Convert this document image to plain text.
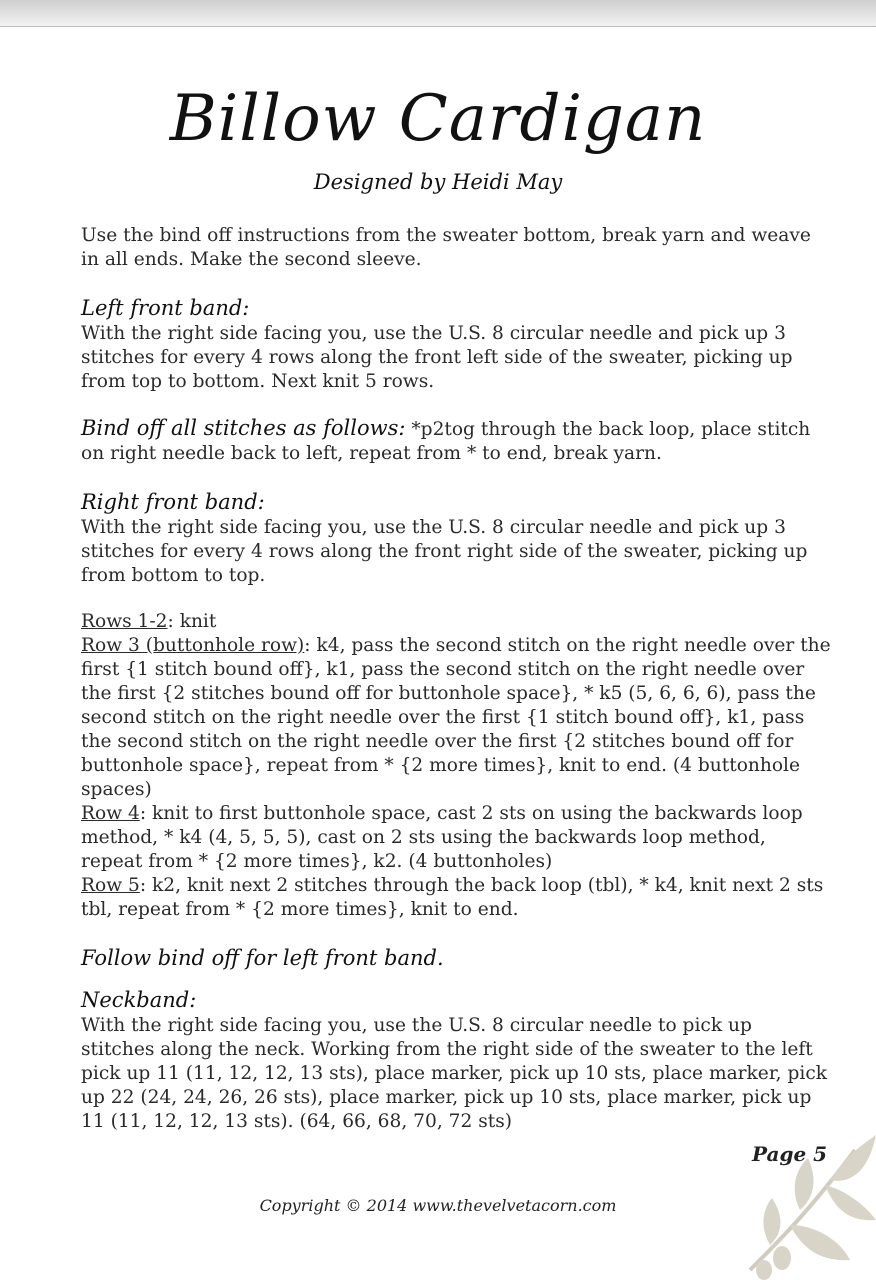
Billow Cardigan
Designed by Heidi May

Use the bind off instructions from the sweater bottom, break yarn and weave in all ends. Make the second sleeve.

Left front band:

With the right side facing you, use the U.S. 8 circular needle and pick up 3 stitches for every 4 rows along the front left side of the sweater, picking up from top to bottom. Next knit 5 rows.

Bind off all stitches as follows: *p2tog through the back loop, place stitch on right needle back to left, repeat from * to end, break yarn.

Right front band:

With the right side facing you, use the U.S. 8 circular needle and pick up 3 stitches for every 4 rows along the front right side of the sweater, picking up from bottom to top.

Rows 1-2: knit

Row 3 (buttonhole row): k4, pass the second stitch on the right needle over the first {1 stitch bound off}, k1, pass the second stitch on the right needle over the first {2 stitches bound off for buttonhole space}, * k5 (5, 6, 6, 6), pass the second stitch on the right needle over the first {1 stitch bound off}, k1, pass the second stitch on the right needle over the first {2 stitches bound off for buttonhole space}, repeat from * {2 more times}, knit to end. (4 buttonhole spaces)

Row 4: knit to first buttonhole space, cast 2 sts on using the backwards loop method, * k4 (4, 5, 5, 5), cast on 2 sts using the backwards loop method, repeat from * {2 more times}, k2. (4 buttonholes)

Row 5: k2, knit next 2 stitches through the back loop (tbl), * k4, knit next 2 sts tbl, repeat from * {2 more times}, knit to end.

Follow bind off for left front band.
Neckband:

With the right side facing you, use the U.S. 8 circular needle to pick up stitches along the neck. Working from the right side of the sweater to the left pick up 11 (11, 12, 12, 13 sts), place marker, pick up 10 sts, place marker, pick up 22 (24, 24, 26, 26 sts), place marker, pick up 10 sts, place marker, pick up 11 (11, 12, 12, 13 sts). (64, 66, 68, 70, 72 sts)

Page 5
Copyright © 2014 www.thevelvetacorn.com
